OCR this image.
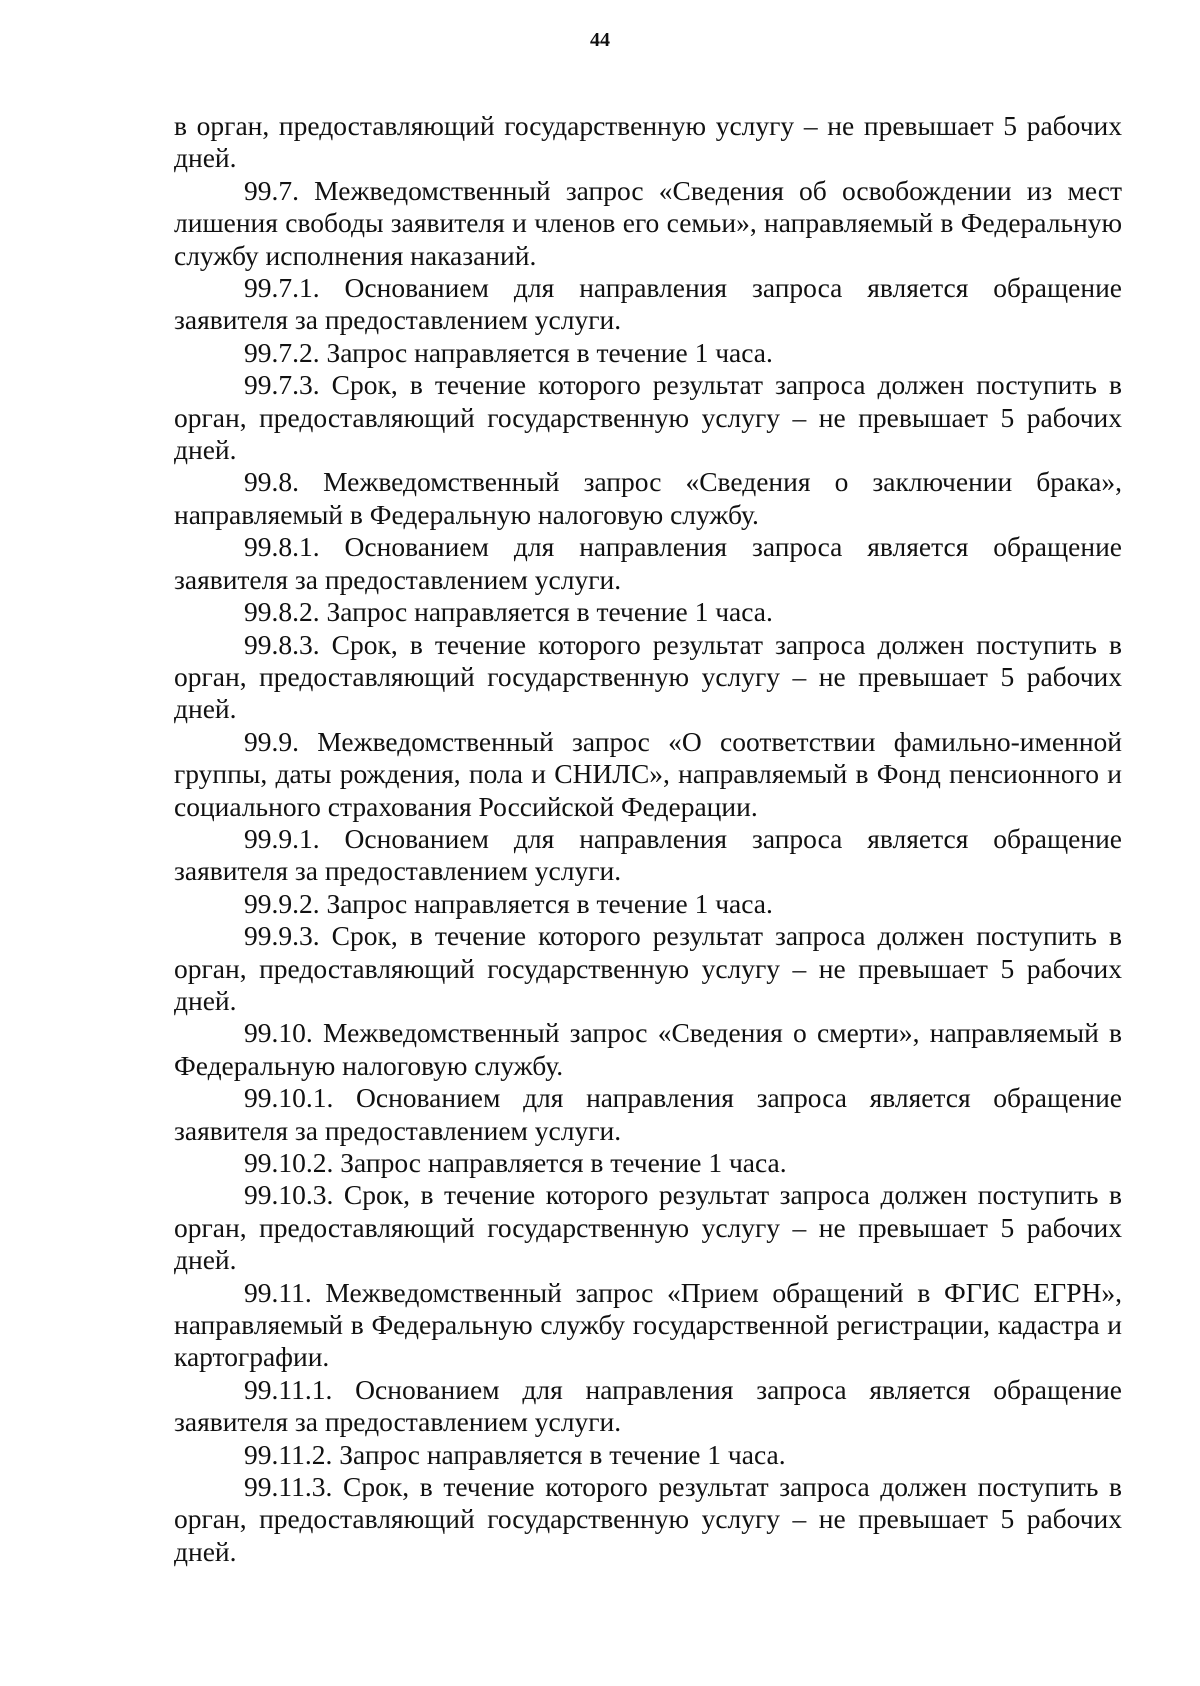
44

в орган, предоставляющий государственную услугу – не превышает 5 рабочих дней.

99.7. Межведомственный запрос «Сведения об освобождении из мест лишения свободы заявителя и членов его семьи», направляемый в Федеральную службу исполнения наказаний.

99.7.1. Основанием для направления запроса является обращение заявителя за предоставлением услуги.

99.7.2. Запрос направляется в течение 1 часа.

99.7.3. Срок, в течение которого результат запроса должен поступить в орган, предоставляющий государственную услугу – не превышает 5 рабочих дней.

99.8. Межведомственный запрос «Сведения о заключении брака», направляемый в Федеральную налоговую службу.

99.8.1. Основанием для направления запроса является обращение заявителя за предоставлением услуги.

99.8.2. Запрос направляется в течение 1 часа.

99.8.3. Срок, в течение которого результат запроса должен поступить в орган, предоставляющий государственную услугу – не превышает 5 рабочих дней.

99.9. Межведомственный запрос «О соответствии фамильно-именной группы, даты рождения, пола и СНИЛС», направляемый в Фонд пенсионного и социального страхования Российской Федерации.

99.9.1. Основанием для направления запроса является обращение заявителя за предоставлением услуги.

99.9.2. Запрос направляется в течение 1 часа.

99.9.3. Срок, в течение которого результат запроса должен поступить в орган, предоставляющий государственную услугу – не превышает 5 рабочих дней.

99.10. Межведомственный запрос «Сведения о смерти», направляемый в Федеральную налоговую службу.

99.10.1. Основанием для направления запроса является обращение заявителя за предоставлением услуги.

99.10.2. Запрос направляется в течение 1 часа.

99.10.3. Срок, в течение которого результат запроса должен поступить в орган, предоставляющий государственную услугу – не превышает 5 рабочих дней.

99.11. Межведомственный запрос «Прием обращений в ФГИС ЕГРН», направляемый в Федеральную службу государственной регистрации, кадастра и картографии.

99.11.1. Основанием для направления запроса является обращение заявителя за предоставлением услуги.

99.11.2. Запрос направляется в течение 1 часа.

99.11.3. Срок, в течение которого результат запроса должен поступить в орган, предоставляющий государственную услугу – не превышает 5 рабочих дней.
